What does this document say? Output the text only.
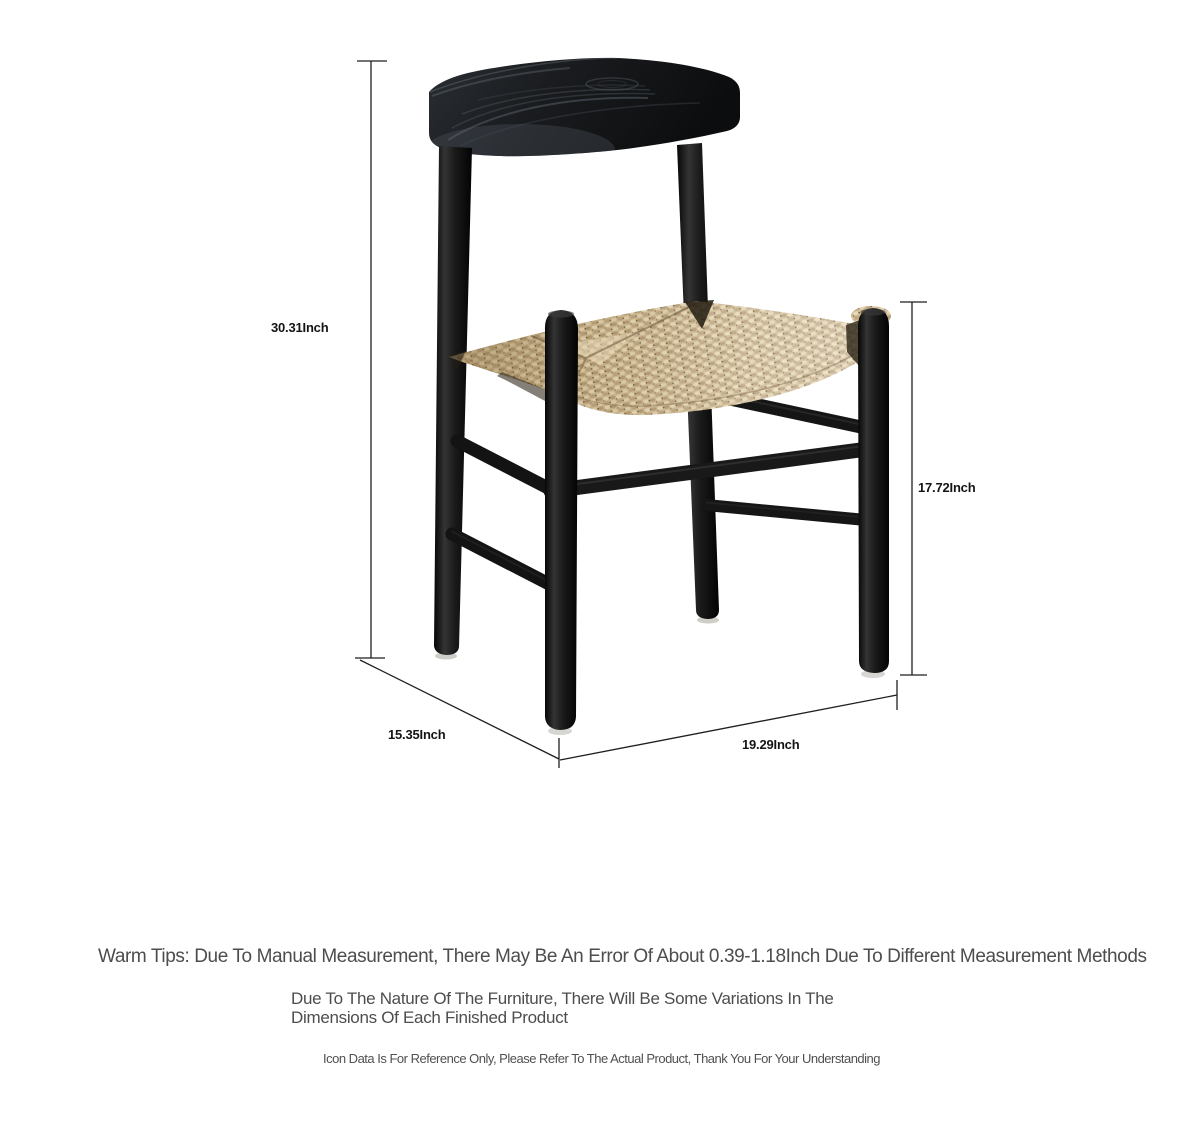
30.31Inch
17.72Inch
15.35Inch
19.29Inch
Warm Tips: Due To Manual Measurement, There May Be An Error Of About 0.39-1.18Inch Due To Different Measurement Methods
Due To The Nature Of The Furniture, There Will Be Some Variations In The
Dimensions Of Each Finished Product
Icon Data Is For Reference Only, Please Refer To The Actual Product, Thank You For Your Understanding
